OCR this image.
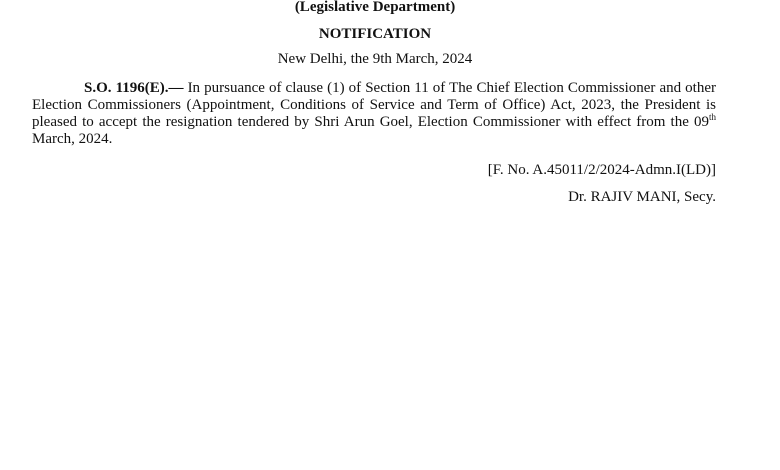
(Legislative Department)
NOTIFICATION
New Delhi, the 9th March, 2024

S.O. 1196(E).— In pursuance of clause (1) of Section 11 of The Chief Election Commissioner and other Election Commissioners (Appointment, Conditions of Service and Term of Office) Act, 2023, the President is pleased to accept the resignation tendered by Shri Arun Goel, Election Commissioner with effect from the 09th March, 2024.

[F. No. A.45011/2/2024-Admn.I(LD)]
Dr. RAJIV MANI, Secy.
